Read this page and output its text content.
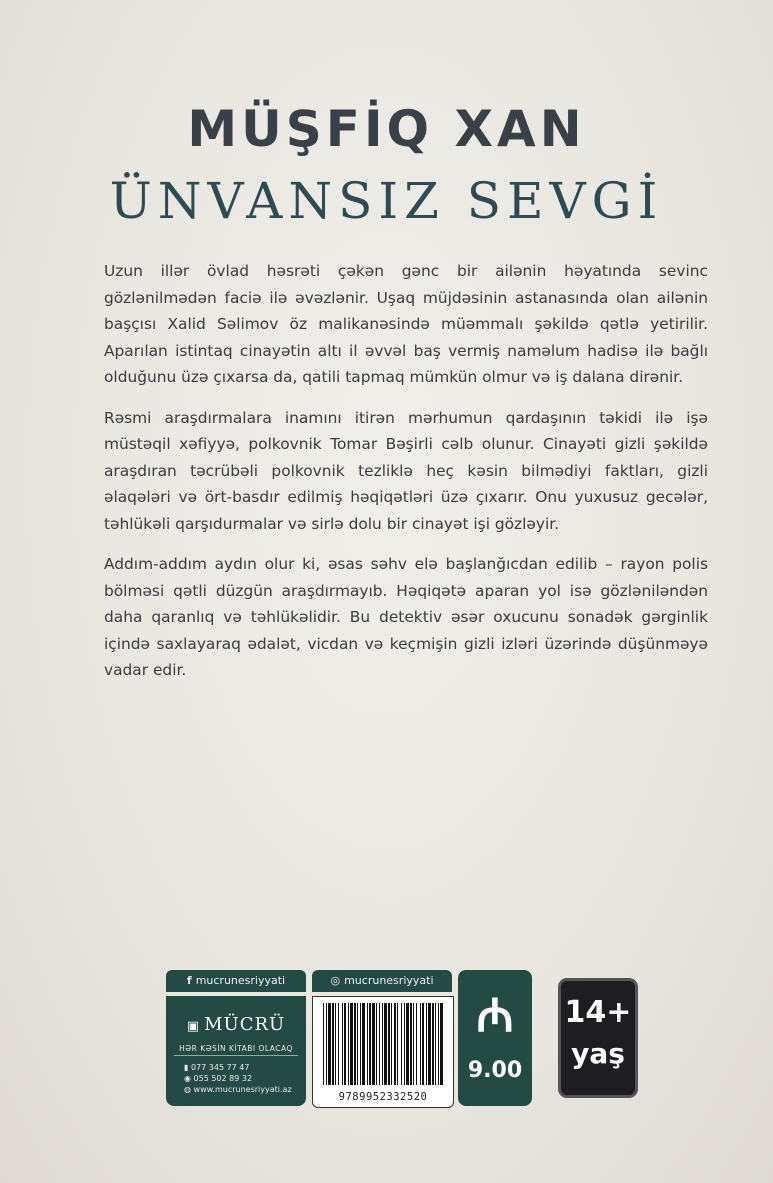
MÜŞFİQ XAN
ÜNVANSIZ SEVGİ

Uzun illər övlad həsrəti çəkən gənc bir ailənin həyatında sevinc gözlənilmədən faciə ilə əvəzlənir. Uşaq müjdəsinin astanasında olan ailənin başçısı Xalid Səlimov öz malikanəsində müəmmalı şəkildə qətlə yetirilir. Aparılan istintaq cinayətin altı il əvvəl baş vermiş naməlum hadisə ilə bağlı olduğunu üzə çıxarsa da, qatili tapmaq mümkün olmur və iş dalana dirənir.

Rəsmi araşdırmalara inamını itirən mərhumun qardaşının təkidi ilə işə müstəqil xəfiyyə, polkovnik Tomar Bəşirli cəlb olunur. Cinayəti gizli şəkildə araşdıran təcrübəli polkovnik tezliklə heç kəsin bilmədiyi faktları, gizli əlaqələri və ört-basdır edilmiş həqiqətləri üzə çıxarır. Onu yuxusuz gecələr, təhlükəli qarşıdurmalar və sirlə dolu bir cinayət işi gözləyir.

Addım-addım aydın olur ki, əsas səhv elə başlanğıcdan edilib – rayon polis bölməsi qətli düzgün araşdırmayıb. Həqiqətə aparan yol isə gözləniləndən daha qaranlıq və təhlükəlidir. Bu detektiv əsər oxucunu sonadək gərginlik içində saxlayaraq ədalət, vicdan və keçmişin gizli izləri üzərində düşünməyə vadar edir.

f mucrunesriyyati	◎ mucrunesriyyati
▣ MÜCRÜ
HƏR KƏSİN KİTABI OLACAQ
▮ 077 345 77 47
◉ 055 502 89 32
◍ www.mucrunesriyyati.az
9789952332520
₼
9.00
14+
yaş
